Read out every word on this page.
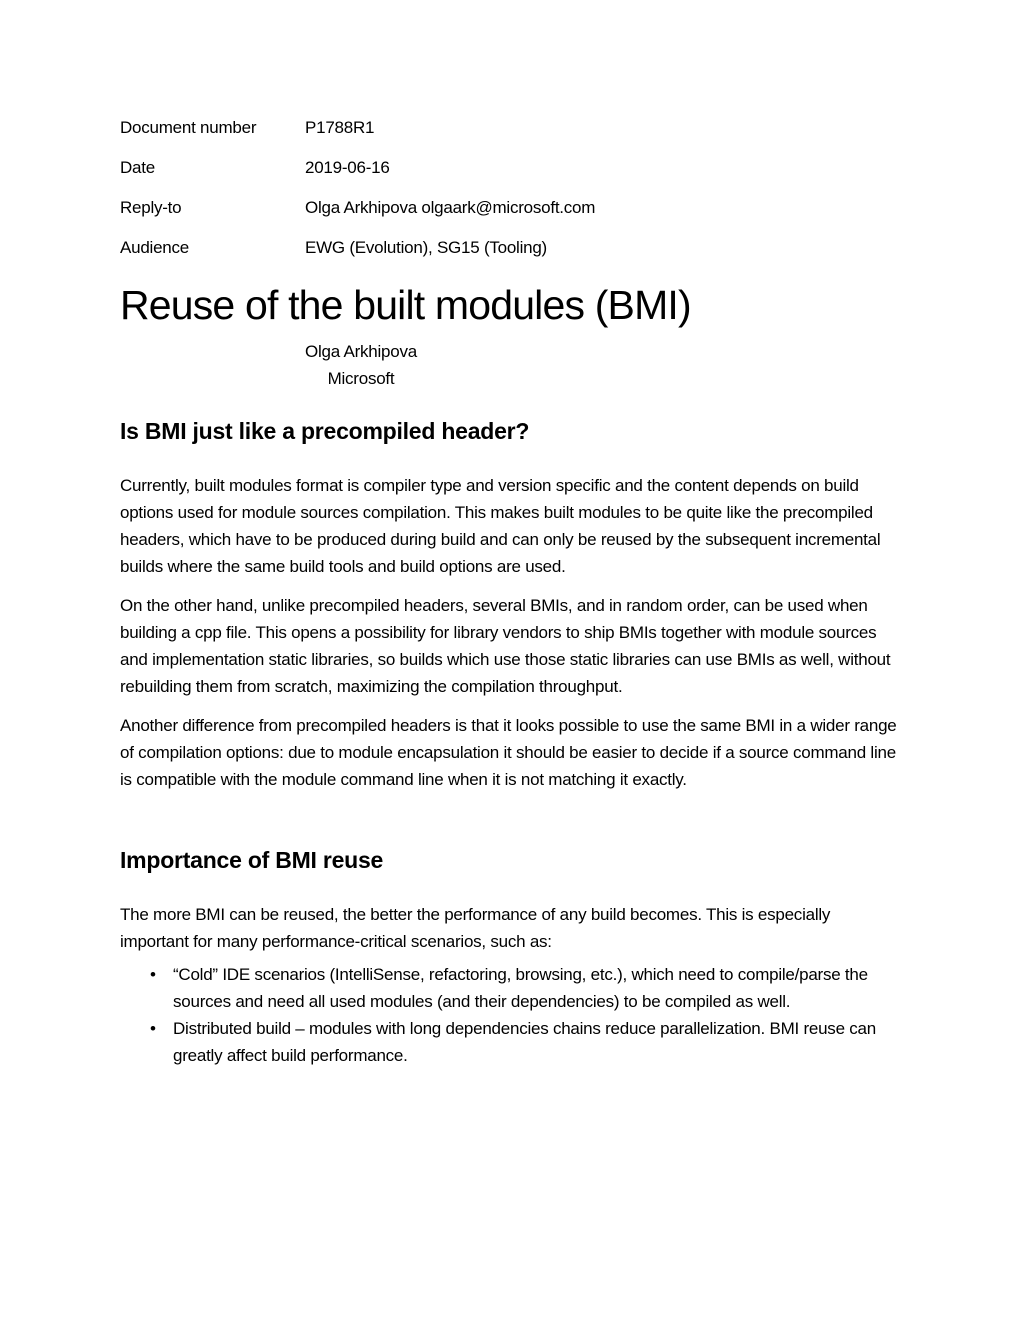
Document number	P1788R1
Date	2019-06-16
Reply-to	Olga Arkhipova olgaark@microsoft.com
Audience	EWG (Evolution), SG15 (Tooling)
Reuse of the built modules (BMI)
Olga Arkhipova
Microsoft
Is BMI just like a precompiled header?

Currently, built modules format is compiler type and version specific and the content depends on build options used for module sources compilation. This makes built modules to be quite like the precompiled headers, which have to be produced during build and can only be reused by the subsequent incremental builds where the same build tools and build options are used.

On the other hand, unlike precompiled headers, several BMIs, and in random order, can be used when building a cpp file. This opens a possibility for library vendors to ship BMIs together with module sources and implementation static libraries, so builds which use those static libraries can use BMIs as well, without rebuilding them from scratch, maximizing the compilation throughput.

Another difference from precompiled headers is that it looks possible to use the same BMI in a wider range of compilation options: due to module encapsulation it should be easier to decide if a source command line is compatible with the module command line when it is not matching it exactly.

Importance of BMI reuse

The more BMI can be reused, the better the performance of any build becomes. This is especially important for many performance-critical scenarios, such as:

• “Cold” IDE scenarios (IntelliSense, refactoring, browsing, etc.), which need to compile/parse the sources and need all used modules (and their dependencies) to be compiled as well.
• Distributed build – modules with long dependencies chains reduce parallelization. BMI reuse can greatly affect build performance.
